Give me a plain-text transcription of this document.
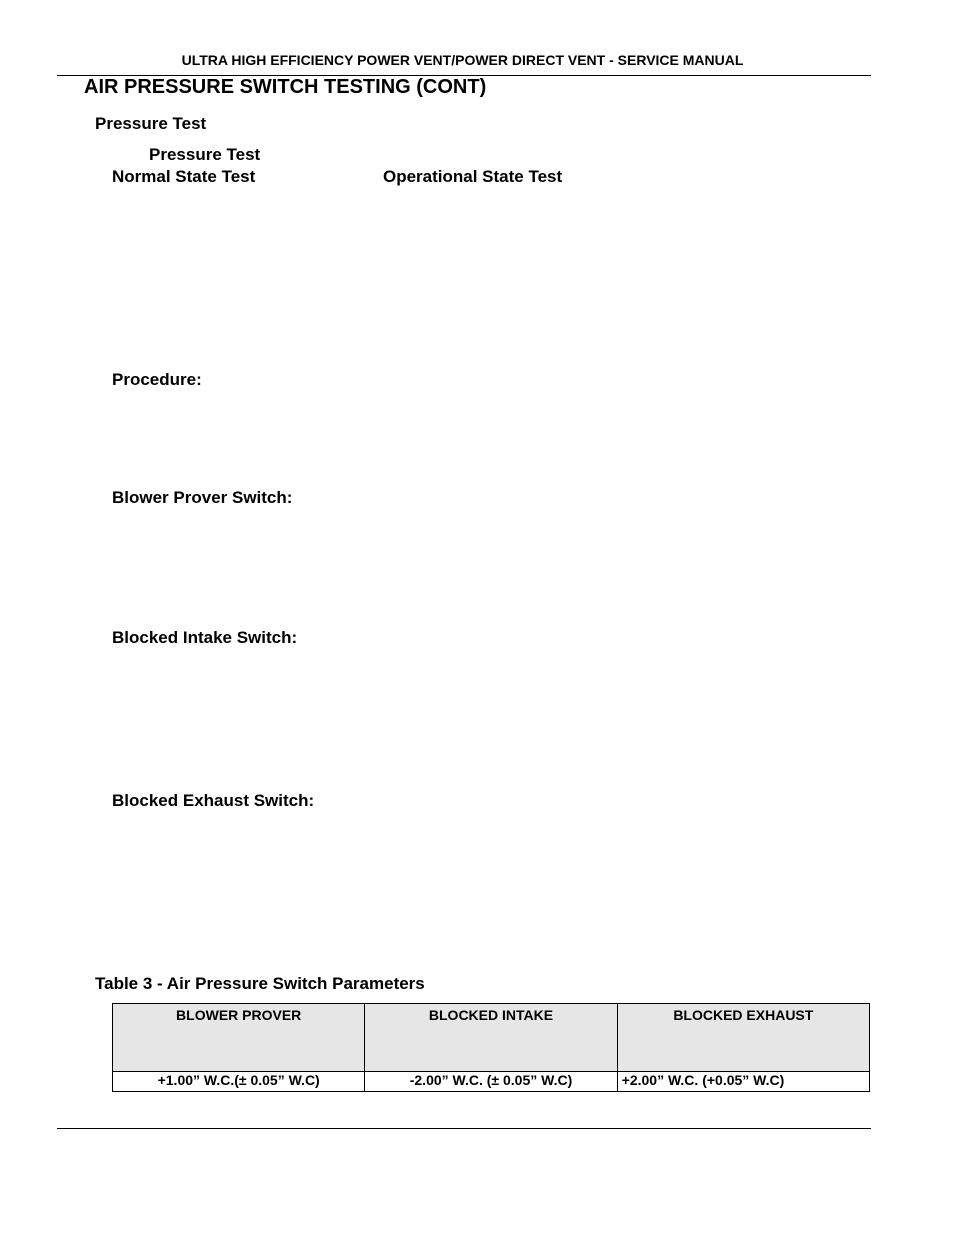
ULTRA HIGH EFFICIENCY POWER VENT/POWER DIRECT VENT - SERVICE MANUAL
AIR PRESSURE SWITCH TESTING (CONT)
Pressure Test
Pressure Test
Normal State Test	Operational State Test
Procedure:
Blower Prover Switch:
Blocked Intake Switch:
Blocked Exhaust Switch:
Table 3 - Air Pressure Switch Parameters
BLOWER PROVER	BLOCKED INTAKE	BLOCKED EXHAUST
+1.00” W.C.(± 0.05” W.C)	-2.00” W.C. (± 0.05” W.C)	+2.00” W.C. (+0.05” W.C)
